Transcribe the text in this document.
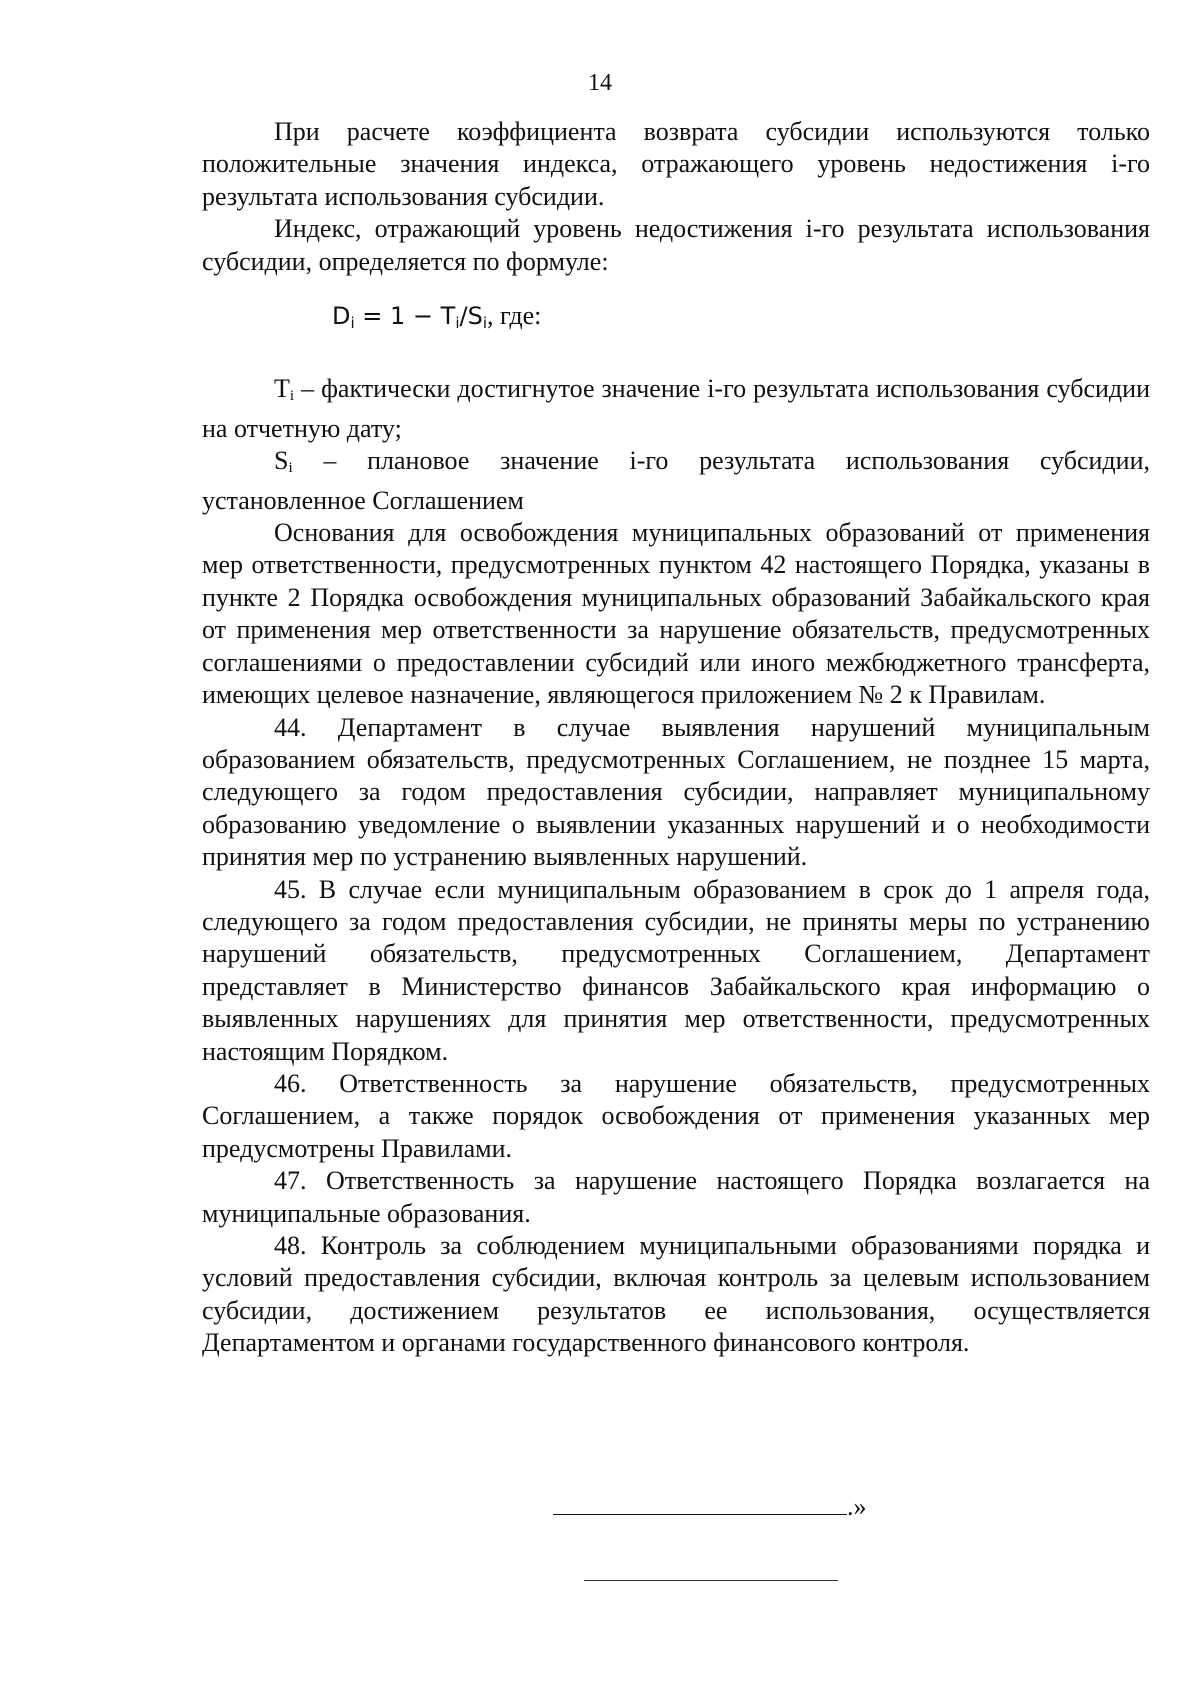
14

При расчете коэффициента возврата субсидии используются только положительные значения индекса, отражающего уровень недостижения i-го результата использования субсидии.

Индекс, отражающий уровень недостижения i-го результата использования субсидии, определяется по формуле:

$D_i = 1 - T_i/S_i$, где:

$T_i$ – фактически достигнутое значение i-го результата использования субсидии на отчетную дату;

$S_i$ – плановое значение i-го результата использования субсидии, установленное Соглашением

Основания для освобождения муниципальных образований от применения мер ответственности, предусмотренных пунктом 42 настоящего Порядка, указаны в пункте 2 Порядка освобождения муниципальных образований Забайкальского края от применения мер ответственности за нарушение обязательств, предусмотренных соглашениями о предоставлении субсидий или иного межбюджетного трансферта, имеющих целевое назначение, являющегося приложением № 2 к Правилам.

44. Департамент в случае выявления нарушений муниципальным образованием обязательств, предусмотренных Соглашением, не позднее 15 марта, следующего за годом предоставления субсидии, направляет муниципальному образованию уведомление о выявлении указанных нарушений и о необходимости принятия мер по устранению выявленных нарушений.

45. В случае если муниципальным образованием в срок до 1 апреля года, следующего за годом предоставления субсидии, не приняты меры по устранению нарушений обязательств, предусмотренных Соглашением, Департамент представляет в Министерство финансов Забайкальского края информацию о выявленных нарушениях для принятия мер ответственности, предусмотренных настоящим Порядком.

46. Ответственность за нарушение обязательств, предусмотренных Соглашением, а также порядок освобождения от применения указанных мер предусмотрены Правилами.

47. Ответственность за нарушение настоящего Порядка возлагается на муниципальные образования.

48. Контроль за соблюдением муниципальными образованиями порядка и условий предоставления субсидии, включая контроль за целевым использованием субсидии, достижением результатов ее использования, осуществляется Департаментом и органами государственного финансового контроля.

.»
